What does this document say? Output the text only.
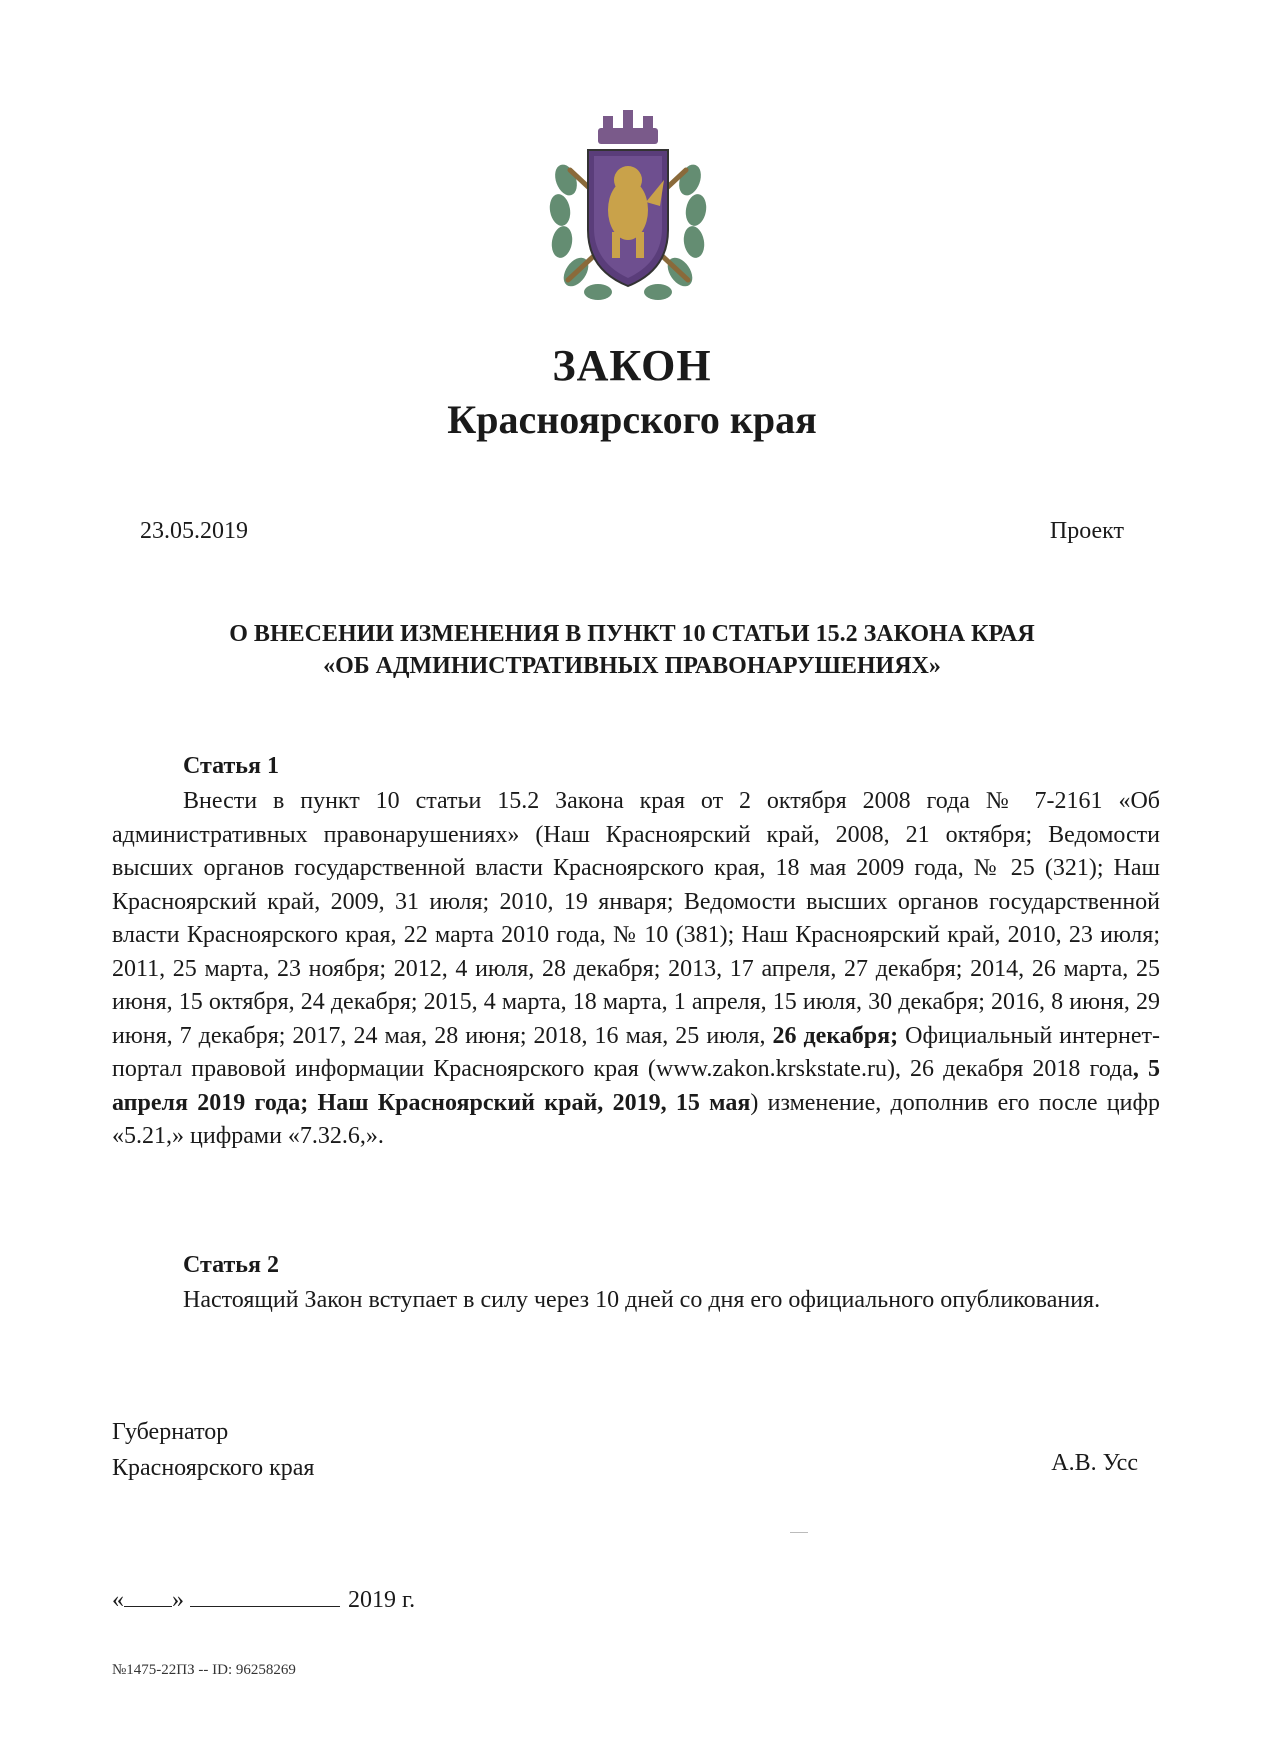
ЗАКОН
Красноярского края
23.05.2019	Проект
О ВНЕСЕНИИ ИЗМЕНЕНИЯ В ПУНКТ 10 СТАТЬИ 15.2 ЗАКОНА КРАЯ
«ОБ АДМИНИСТРАТИВНЫХ ПРАВОНАРУШЕНИЯХ»
Статья 1
Внести в пункт 10 статьи 15.2 Закона края от 2 октября 2008 года № 7-2161 «Об административных правонарушениях» (Наш Красноярский край, 2008, 21 октября; Ведомости высших органов государственной власти Красноярского края, 18 мая 2009 года, № 25 (321); Наш Красноярский край, 2009, 31 июля; 2010, 19 января; Ведомости высших органов государственной власти Красноярского края, 22 марта 2010 года, № 10 (381); Наш Красноярский край, 2010, 23 июля; 2011, 25 марта, 23 ноября; 2012, 4 июля, 28 декабря; 2013, 17 апреля, 27 декабря; 2014, 26 марта, 25 июня, 15 октября, 24 декабря; 2015, 4 марта, 18 марта, 1 апреля, 15 июля, 30 декабря; 2016, 8 июня, 29 июня, 7 декабря; 2017, 24 мая, 28 июня; 2018, 16 мая, 25 июля, 26 декабря; Официальный интернет-портал правовой информации Красноярского края (www.zakon.krskstate.ru), 26 декабря 2018 года, 5 апреля 2019 года; Наш Красноярский край, 2019, 15 мая) изменение, дополнив его после цифр «5.21,» цифрами «7.32.6,».
Статья 2
Настоящий Закон вступает в силу через 10 дней со дня его официального опубликования.
Губернатор
Красноярского края	А.В. Усс
« »	2019 г.
№1475-22ПЗ -- ID: 96258269
